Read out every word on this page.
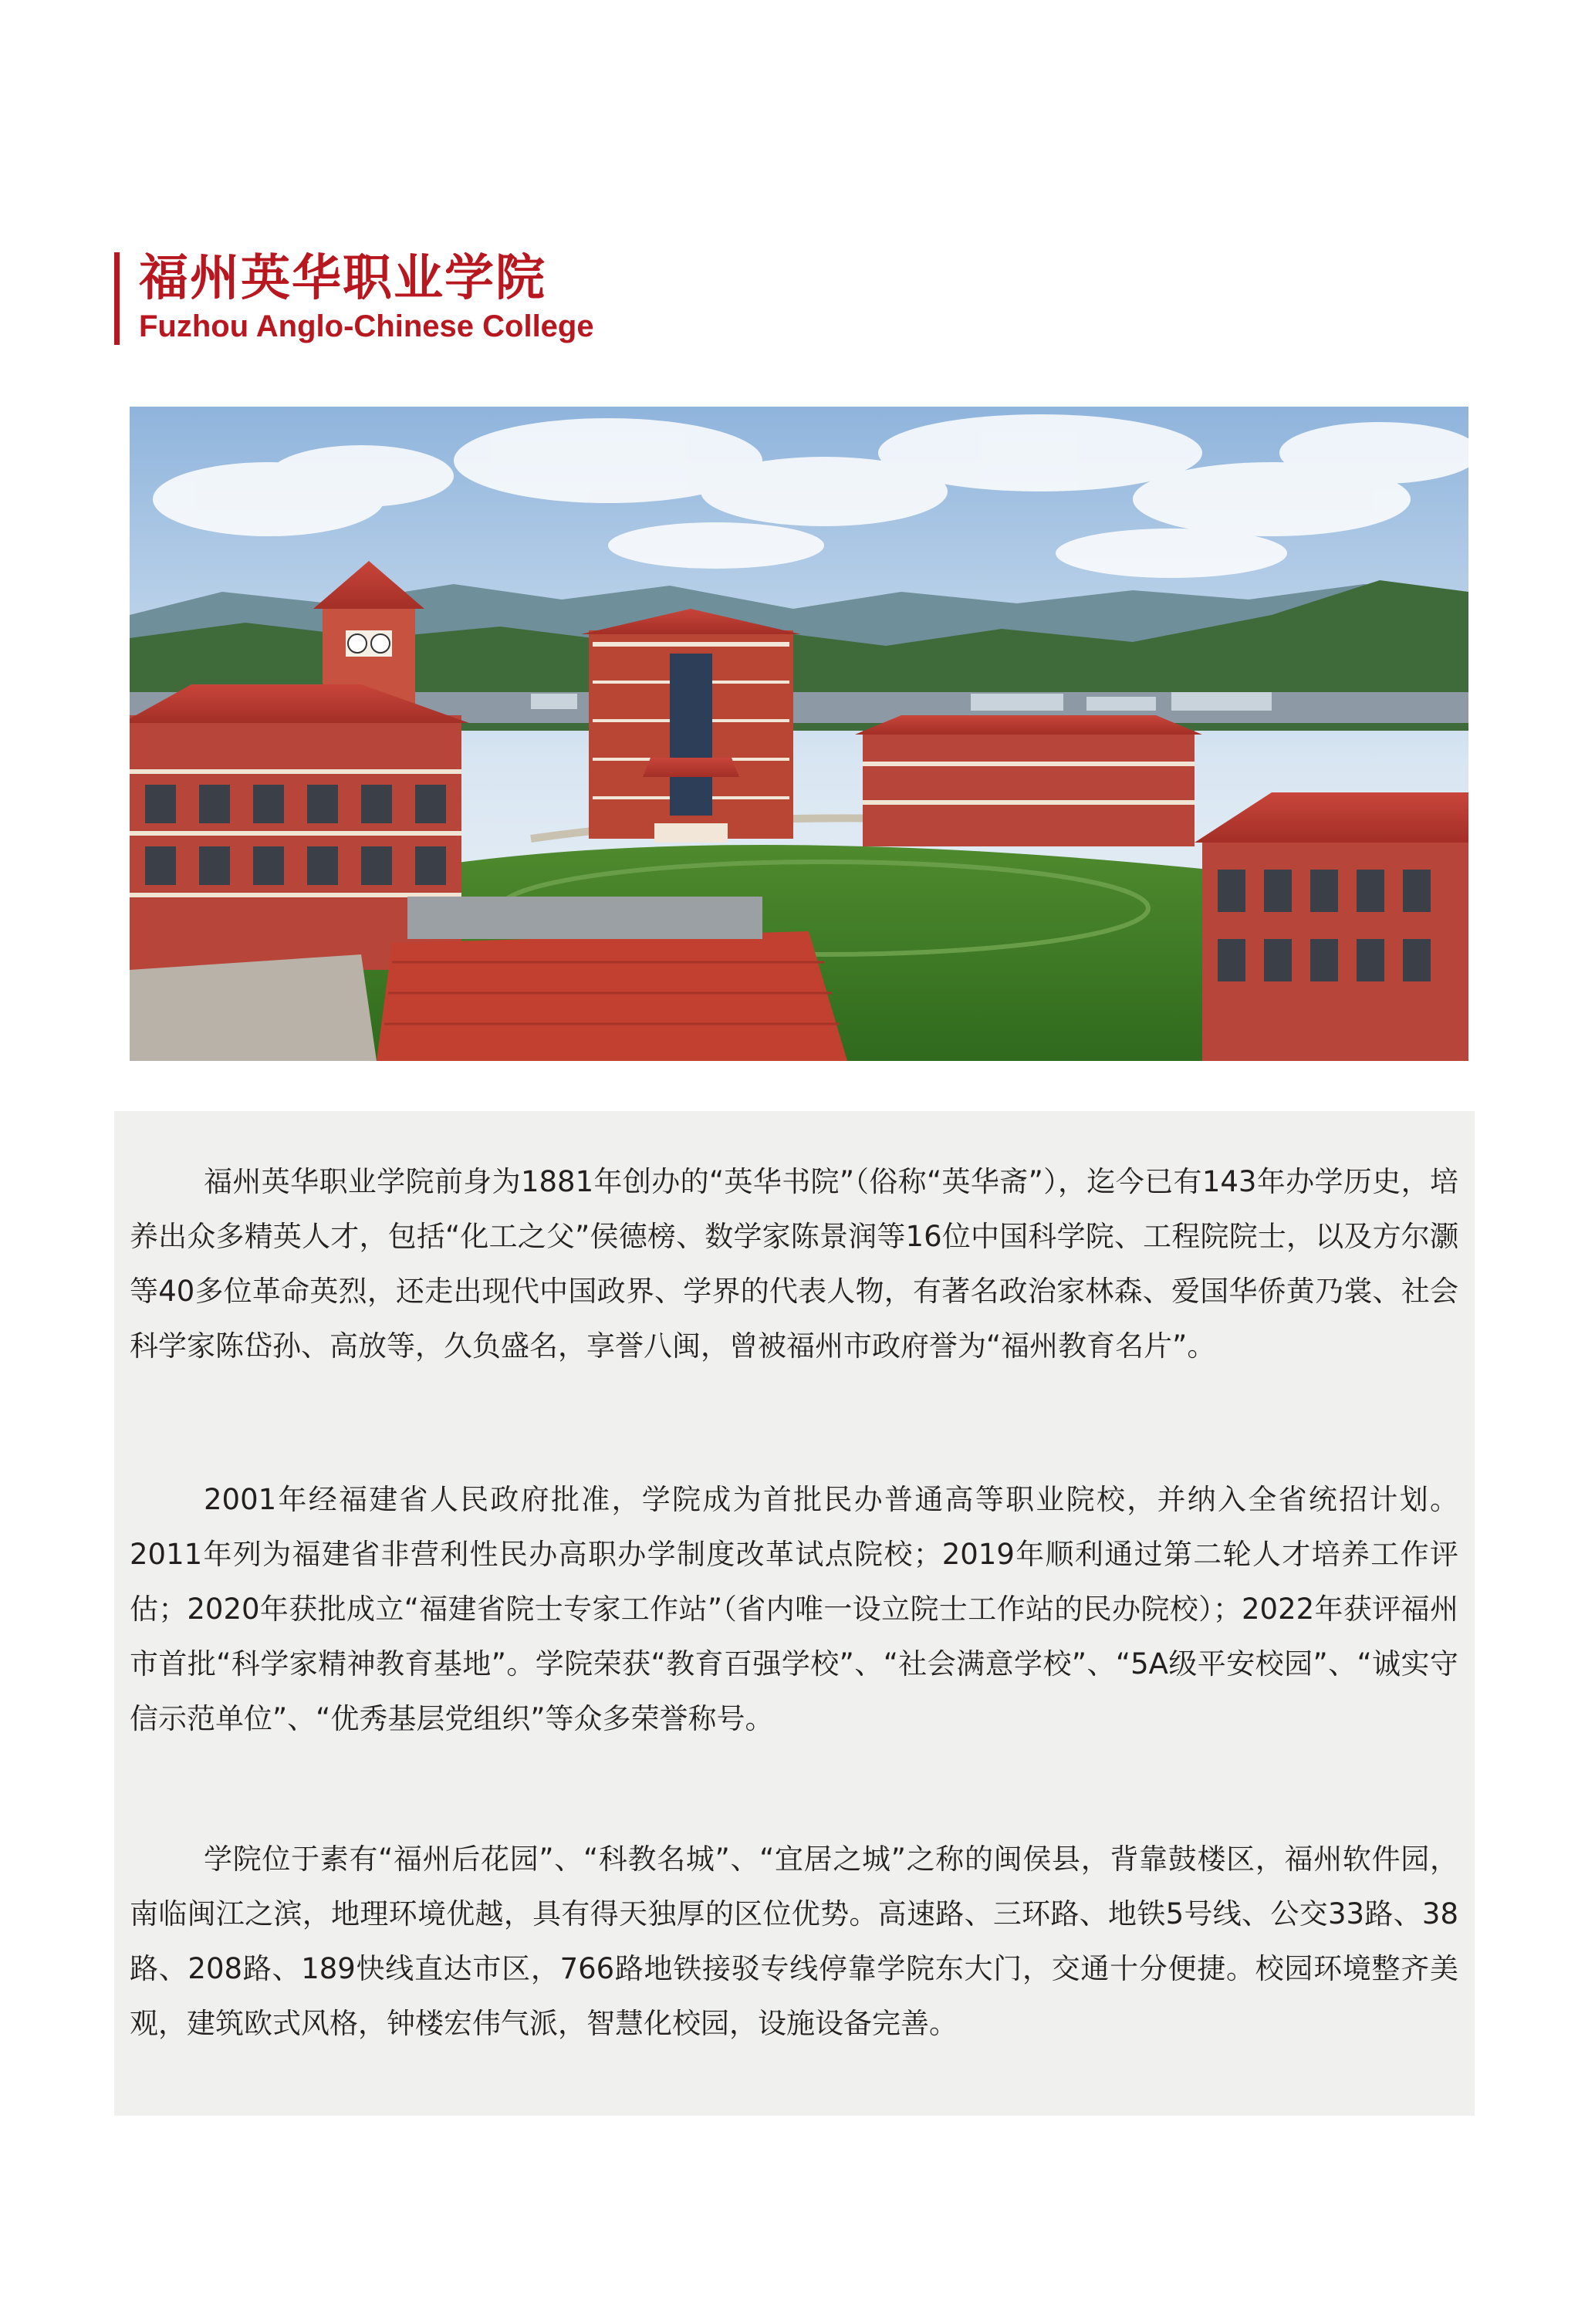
福州英华职业学院
Fuzhou Anglo-Chinese College

福州英华职业学院前身为1881年创办的“英华书院”（俗称“英华斋”），迄今已有143年办学历史，培养出众多精英人才，包括“化工之父”侯德榜、数学家陈景润等16位中国科学院、工程院院士，以及方尔灏等40多位革命英烈，还走出现代中国政界、学界的代表人物，有著名政治家林森、爱国华侨黄乃裳、社会科学家陈岱孙、高放等，久负盛名，享誉八闽，曾被福州市政府誉为“福州教育名片”。

2001年经福建省人民政府批准，学院成为首批民办普通高等职业院校，并纳入全省统招计划。2011年列为福建省非营利性民办高职办学制度改革试点院校；2019年顺利通过第二轮人才培养工作评估；2020年获批成立“福建省院士专家工作站”（省内唯一设立院士工作站的民办院校）；2022年获评福州市首批“科学家精神教育基地”。学院荣获“教育百强学校”、“社会满意学校”、“5A级平安校园”、“诚实守信示范单位”、“优秀基层党组织”等众多荣誉称号。

学院位于素有“福州后花园”、“科教名城”、“宜居之城”之称的闽侯县，背靠鼓楼区，福州软件园，南临闽江之滨，地理环境优越，具有得天独厚的区位优势。高速路、三环路、地铁5号线、公交33路、38路、208路、189快线直达市区，766路地铁接驳专线停靠学院东大门，交通十分便捷。校园环境整齐美观，建筑欧式风格，钟楼宏伟气派，智慧化校园，设施设备完善。
